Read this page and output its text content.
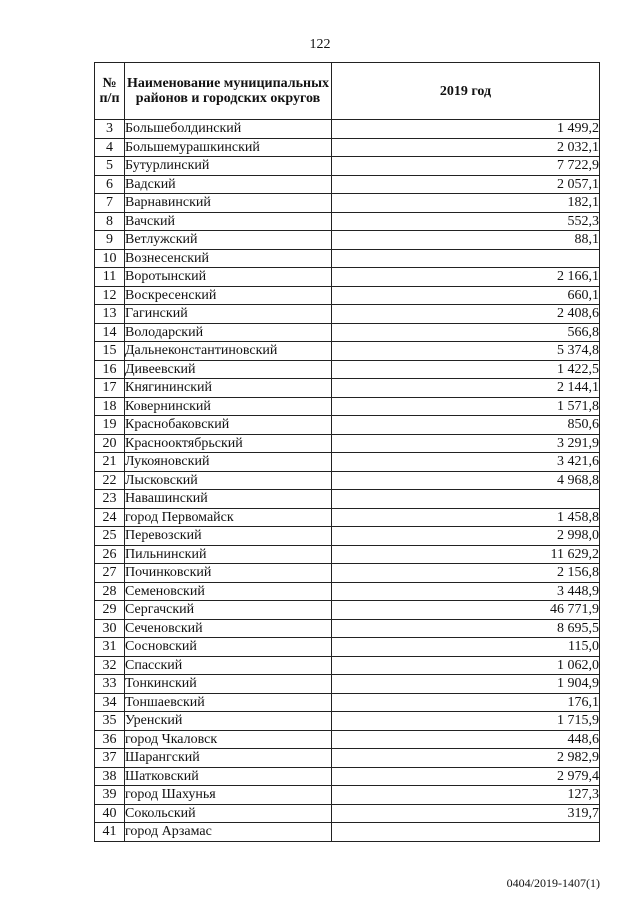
122
№ п/п	Наименование муниципальных районов и городских округов	2019 год
3	Большеболдинский	1 499,2
4	Большемурашкинский	2 032,1
5	Бутурлинский	7 722,9
6	Вадский	2 057,1
7	Варнавинский	182,1
8	Вачский	552,3
9	Ветлужский	88,1
10	Вознесенский	
11	Воротынский	2 166,1
12	Воскресенский	660,1
13	Гагинский	2 408,6
14	Володарский	566,8
15	Дальнеконстантиновский	5 374,8
16	Дивеевский	1 422,5
17	Княгининский	2 144,1
18	Ковернинский	1 571,8
19	Краснобаковский	850,6
20	Краснооктябрьский	3 291,9
21	Лукояновский	3 421,6
22	Лысковский	4 968,8
23	Навашинский	
24	город Первомайск	1 458,8
25	Перевозский	2 998,0
26	Пильнинский	11 629,2
27	Починковский	2 156,8
28	Семеновский	3 448,9
29	Сергачский	46 771,9
30	Сеченовский	8 695,5
31	Сосновский	115,0
32	Спасский	1 062,0
33	Тонкинский	1 904,9
34	Тоншаевский	176,1
35	Уренский	1 715,9
36	город Чкаловск	448,6
37	Шарангский	2 982,9
38	Шатковский	2 979,4
39	город Шахунья	127,3
40	Сокольский	319,7
41	город Арзамас	
0404/2019-1407(1)
